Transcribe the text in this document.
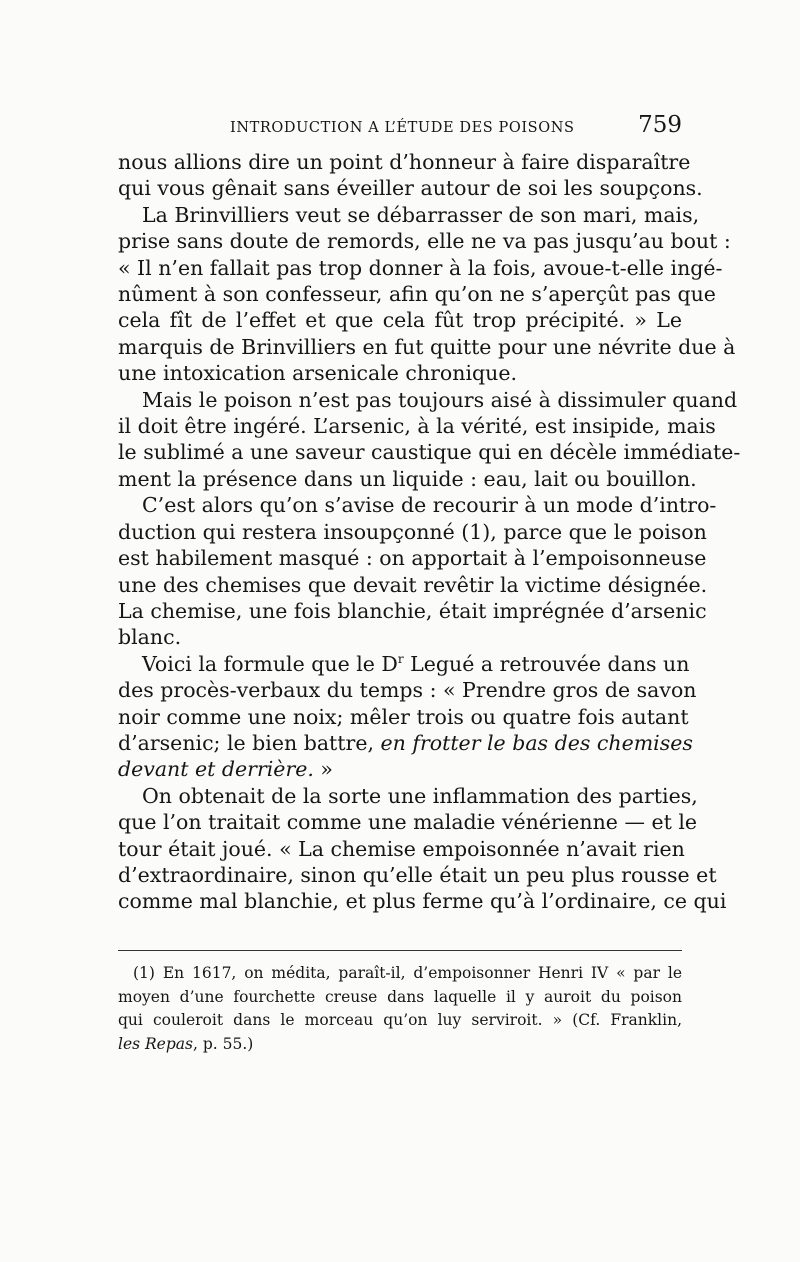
INTRODUCTION A L’ÉTUDE DES POISONS	759
nous allions dire un point d’honneur à faire disparaître
qui vous gênait sans éveiller autour de soi les soupçons.
La Brinvilliers veut se débarrasser de son mari, mais,
prise sans doute de remords, elle ne va pas jusqu’au bout :
« Il n’en fallait pas trop donner à la fois, avoue-t-elle ingé-
nûment à son confesseur, afin qu’on ne s’aperçût pas que
cela fît de l’effet et que cela fût trop précipité. » Le
marquis de Brinvilliers en fut quitte pour une névrite due à
une intoxication arsenicale chronique.
Mais le poison n’est pas toujours aisé à dissimuler quand
il doit être ingéré. L’arsenic, à la vérité, est insipide, mais
le sublimé a une saveur caustique qui en décèle immédiate-
ment la présence dans un liquide : eau, lait ou bouillon.
C’est alors qu’on s’avise de recourir à un mode d’intro-
duction qui restera insoupçonné (1), parce que le poison
est habilement masqué : on apportait à l’empoisonneuse
une des chemises que devait revêtir la victime désignée.
La chemise, une fois blanchie, était imprégnée d’arsenic
blanc.
Voici la formule que le $D^r$ Legué a retrouvée dans un
des procès-verbaux du temps : « Prendre gros de savon
noir comme une noix; mêler trois ou quatre fois autant
d’arsenic; le bien battre, en frotter le bas des chemises
devant et derrière. »
On obtenait de la sorte une inflammation des parties,
que l’on traitait comme une maladie vénérienne — et le
tour était joué. « La chemise empoisonnée n’avait rien
d’extraordinaire, sinon qu’elle était un peu plus rousse et
comme mal blanchie, et plus ferme qu’à l’ordinaire, ce qui
(1) En 1617, on médita, paraît-il, d’empoisonner Henri IV « par le
moyen d’une fourchette creuse dans laquelle il y auroit du poison
qui couleroit dans le morceau qu’on luy serviroit. » (Cf. Franklin,
les Repas, p. 55.)
